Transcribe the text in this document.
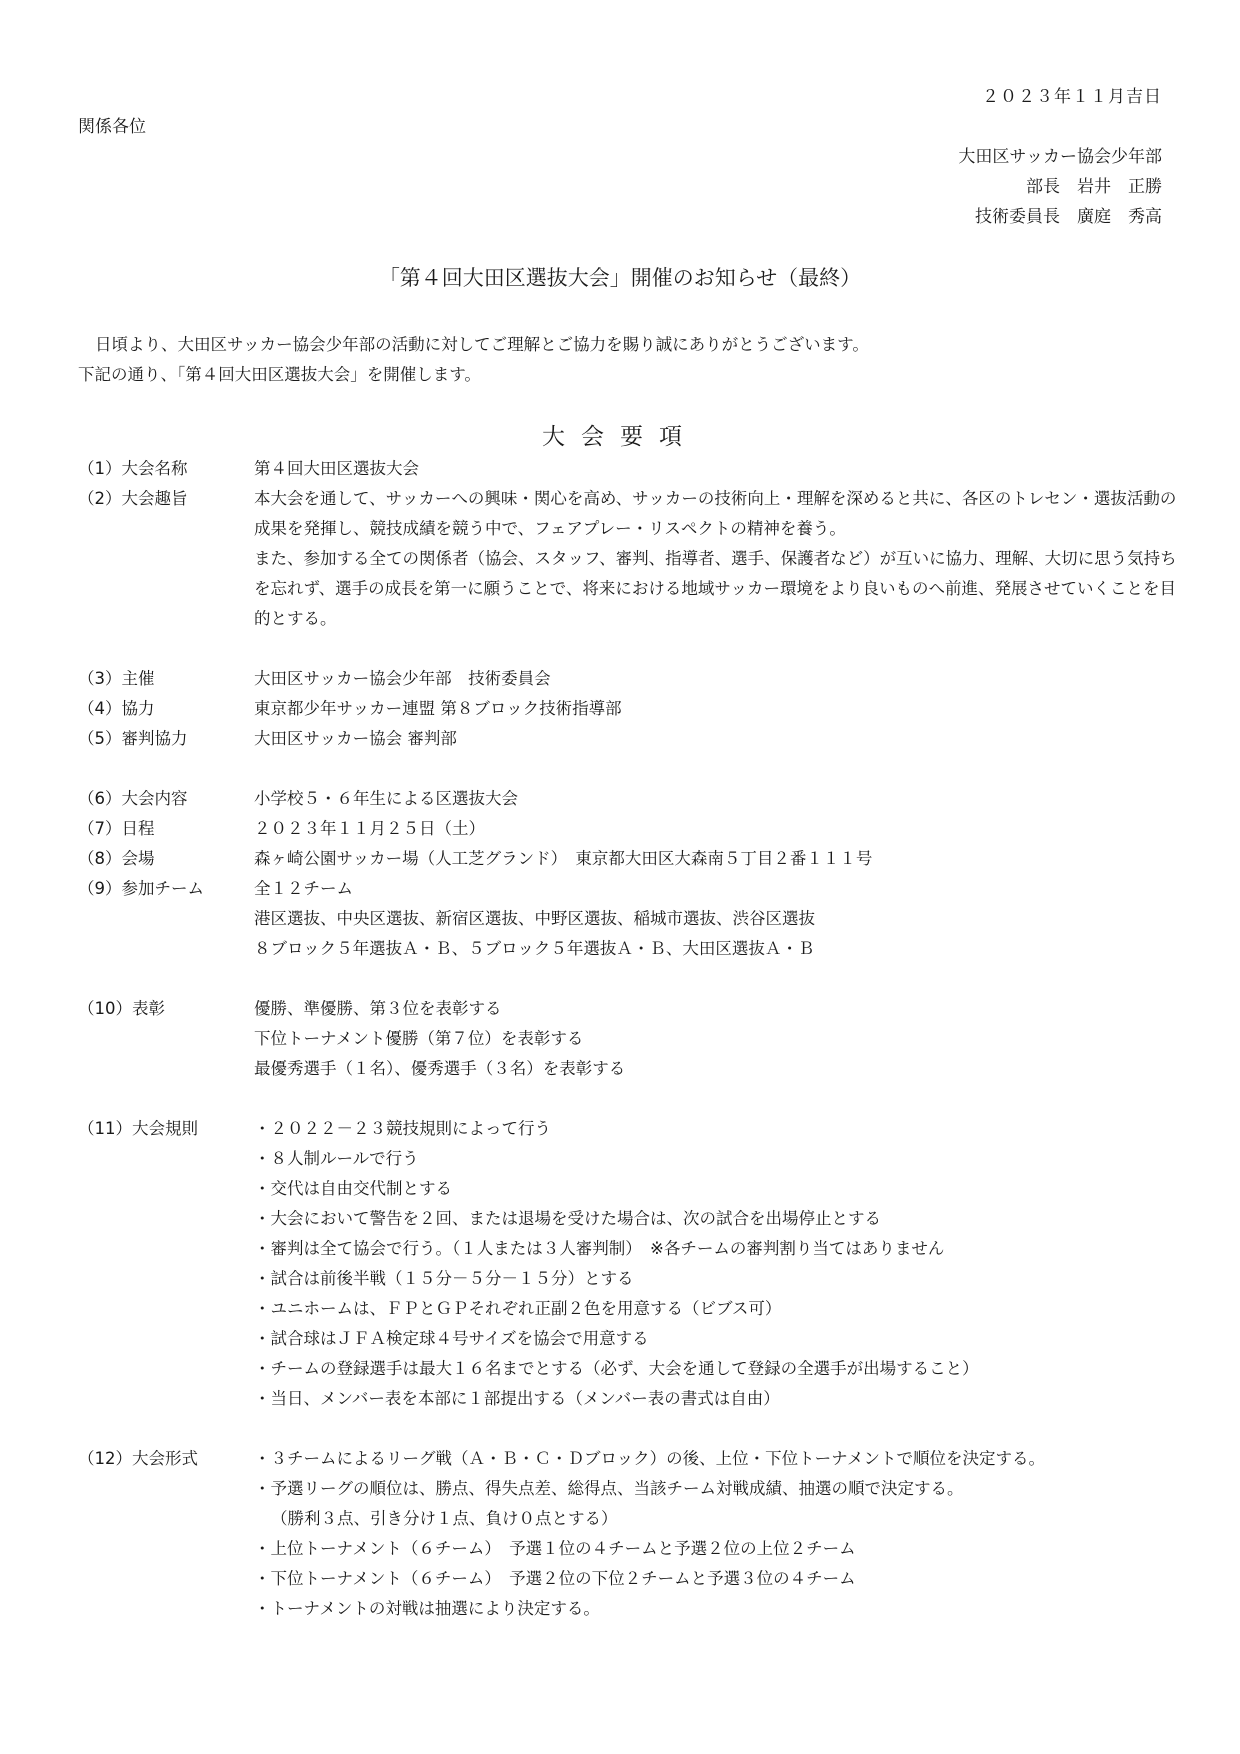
２０２３年１１月吉日
関係各位
大田区サッカー協会少年部
部長　岩井　正勝
技術委員長　廣庭　秀高
「第４回大田区選抜大会」開催のお知らせ（最終）
日頃より、大田区サッカー協会少年部の活動に対してご理解とご協力を賜り誠にありがとうございます。
下記の通り、「第４回大田区選抜大会」を開催します。
大会要項
（1）大会名称	第４回大田区選抜大会
（2）大会趣旨	本大会を通して、サッカーへの興味・関心を高め、サッカーの技術向上・理解を深めると共に、各区のトレセン・選抜活動の成果を発揮し、競技成績を競う中で、フェアプレー・リスペクトの精神を養う。
また、参加する全ての関係者（協会、スタッフ、審判、指導者、選手、保護者など）が互いに協力、理解、大切に思う気持ちを忘れず、選手の成長を第一に願うことで、将来における地域サッカー環境をより良いものへ前進、発展させていくことを目的とする。
（3）主催	大田区サッカー協会少年部　技術委員会
（4）協力	東京都少年サッカー連盟 第８ブロック技術指導部
（5）審判協力	大田区サッカー協会 審判部
（6）大会内容	小学校５・６年生による区選抜大会
（7）日程	２０２３年１１月２５日（土）
（8）会場	森ヶ崎公園サッカー場（人工芝グランド）　東京都大田区大森南５丁目２番１１１号
（9）参加チーム	全１２チーム
港区選抜、中央区選抜、新宿区選抜、中野区選抜、稲城市選抜、渋谷区選抜
８ブロック５年選抜Ａ・Ｂ、５ブロック５年選抜Ａ・Ｂ、大田区選抜Ａ・Ｂ
（10）表彰	優勝、準優勝、第３位を表彰する
下位トーナメント優勝（第７位）を表彰する
最優秀選手（１名）、優秀選手（３名）を表彰する
（11）大会規則	・２０２２－２３競技規則によって行う
・８人制ルールで行う
・交代は自由交代制とする
・大会において警告を２回、または退場を受けた場合は、次の試合を出場停止とする
・審判は全て協会で行う。（１人または３人審判制）　※各チームの審判割り当てはありません
・試合は前後半戦（１５分－５分－１５分）とする
・ユニホームは、ＦＰとＧＰそれぞれ正副２色を用意する（ビブス可）
・試合球はＪＦＡ検定球４号サイズを協会で用意する
・チームの登録選手は最大１６名までとする（必ず、大会を通して登録の全選手が出場すること）
・当日、メンバー表を本部に１部提出する（メンバー表の書式は自由）
（12）大会形式	・３チームによるリーグ戦（Ａ・Ｂ・Ｃ・Ｄブロック）の後、上位・下位トーナメントで順位を決定する。
・予選リーグの順位は、勝点、得失点差、総得点、当該チーム対戦成績、抽選の順で決定する。
（勝利３点、引き分け１点、負け０点とする）
・上位トーナメント（６チーム）　予選１位の４チームと予選２位の上位２チーム
・下位トーナメント（６チーム）　予選２位の下位２チームと予選３位の４チーム
・トーナメントの対戦は抽選により決定する。
